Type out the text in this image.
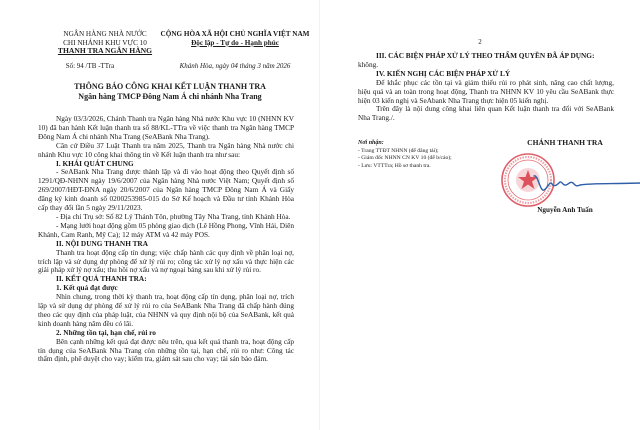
NGÂN HÀNG NHÀ NƯỚC
CHI NHÁNH KHU VỰC 10
THANH TRA NGÂN HÀNG
Số: 94 /TB -TTra
CỘNG HÒA XÃ HỘI CHỦ NGHĨA VIỆT NAM
Độc lập - Tự do - Hạnh phúc
Khánh Hòa, ngày 04 tháng 3 năm 2026
THÔNG BÁO CÔNG KHAI KẾT LUẬN THANH TRA
Ngân hàng TMCP Đông Nam Á chi nhánh Nha Trang

Ngày 03/3/2026, Chánh Thanh tra Ngân hàng Nhà nước Khu vực 10 (NHNN KV 10) đã ban hành Kết luận thanh tra số 88/KL-TTra về việc thanh tra Ngân hàng TMCP Đông Nam Á chi nhánh Nha Trang (SeABank Nha Trang).

Căn cứ Điều 37 Luật Thanh tra năm 2025, Thanh tra Ngân hàng Nhà nước chi nhánh Khu vực 10 công khai thông tin về Kết luận thanh tra như sau:

I. KHÁI QUÁT CHUNG

- SeABank Nha Trang được thành lập và đi vào hoạt động theo Quyết định số 1291/QĐ-NHNN ngày 19/6/2007 của Ngân hàng Nhà nước Việt Nam; Quyết định số 269/2007/HĐT-ĐNA ngày 20/6/2007 của Ngân hàng TMCP Đông Nam Á và Giấy đăng ký kinh doanh số 0200253985-015 do Sở Kế hoạch và Đầu tư tỉnh Khánh Hòa cấp thay đổi lần 5 ngày 29/11/2023.

- Địa chỉ Trụ sở: Số 82 Lý Thánh Tôn, phường Tây Nha Trang, tỉnh Khánh Hòa.

- Mạng lưới hoạt động gồm 05 phòng giao dịch (Lê Hồng Phong, Vĩnh Hải, Diên Khánh, Cam Ranh, Mỹ Ca); 12 máy ATM và 42 máy POS.

II. NỘI DUNG THANH TRA

Thanh tra hoạt động cấp tín dụng; việc chấp hành các quy định về phân loại nợ, trích lập và sử dụng dự phòng để xử lý rủi ro; công tác xử lý nợ xấu và thực hiện các giải pháp xử lý nợ xấu; thu hồi nợ xấu và nợ ngoại bảng sau khi xử lý rủi ro.

II. KẾT QUẢ THANH TRA:

1. Kết quả đạt được

Nhìn chung, trong thời kỳ thanh tra, hoạt động cấp tín dụng, phân loại nợ, trích lập và sử dụng dự phòng để xử lý rủi ro của SeABank Nha Trang đã chấp hành đúng theo các quy định của pháp luật, của NHNN và quy định nội bộ của SeABank, kết quả kinh doanh hàng năm đều có lãi.

2. Những tồn tại, hạn chế, rủi ro

Bên cạnh những kết quả đạt được nêu trên, qua kết quả thanh tra, hoạt động cấp tín dụng của SeABank Nha Trang còn những tồn tại, hạn chế, rủi ro như: Công tác thẩm định, phê duyệt cho vay; kiểm tra, giám sát sau cho vay; tài sản bảo đảm.

2

III. CÁC BIỆN PHÁP XỬ LÝ THEO THẨM QUYỀN ĐÃ ÁP DỤNG:

không.

IV. KIẾN NGHỊ CÁC BIỆN PHÁP XỬ LÝ

Để khắc phục các tồn tại và giảm thiểu rủi ro phát sinh, nâng cao chất lượng, hiệu quả và an toàn trong hoạt động, Thanh tra NHNN KV 10 yêu cầu SeABank thực hiện 03 kiến nghị và SeAbank Nha Trang thực hiện 05 kiến nghị.

Trên đây là nội dung công khai liên quan Kết luận thanh tra đối với SeABank Nha Trang./.

Nơi nhận:
- Trang TTĐT NHNN (để đăng tải);
- Giám đốc NHNN CN KV 10 (để b/cáo);
- Lưu: VTTTra; Hồ sơ thanh tra.
CHÁNH THANH TRA
Nguyễn Anh Tuấn
